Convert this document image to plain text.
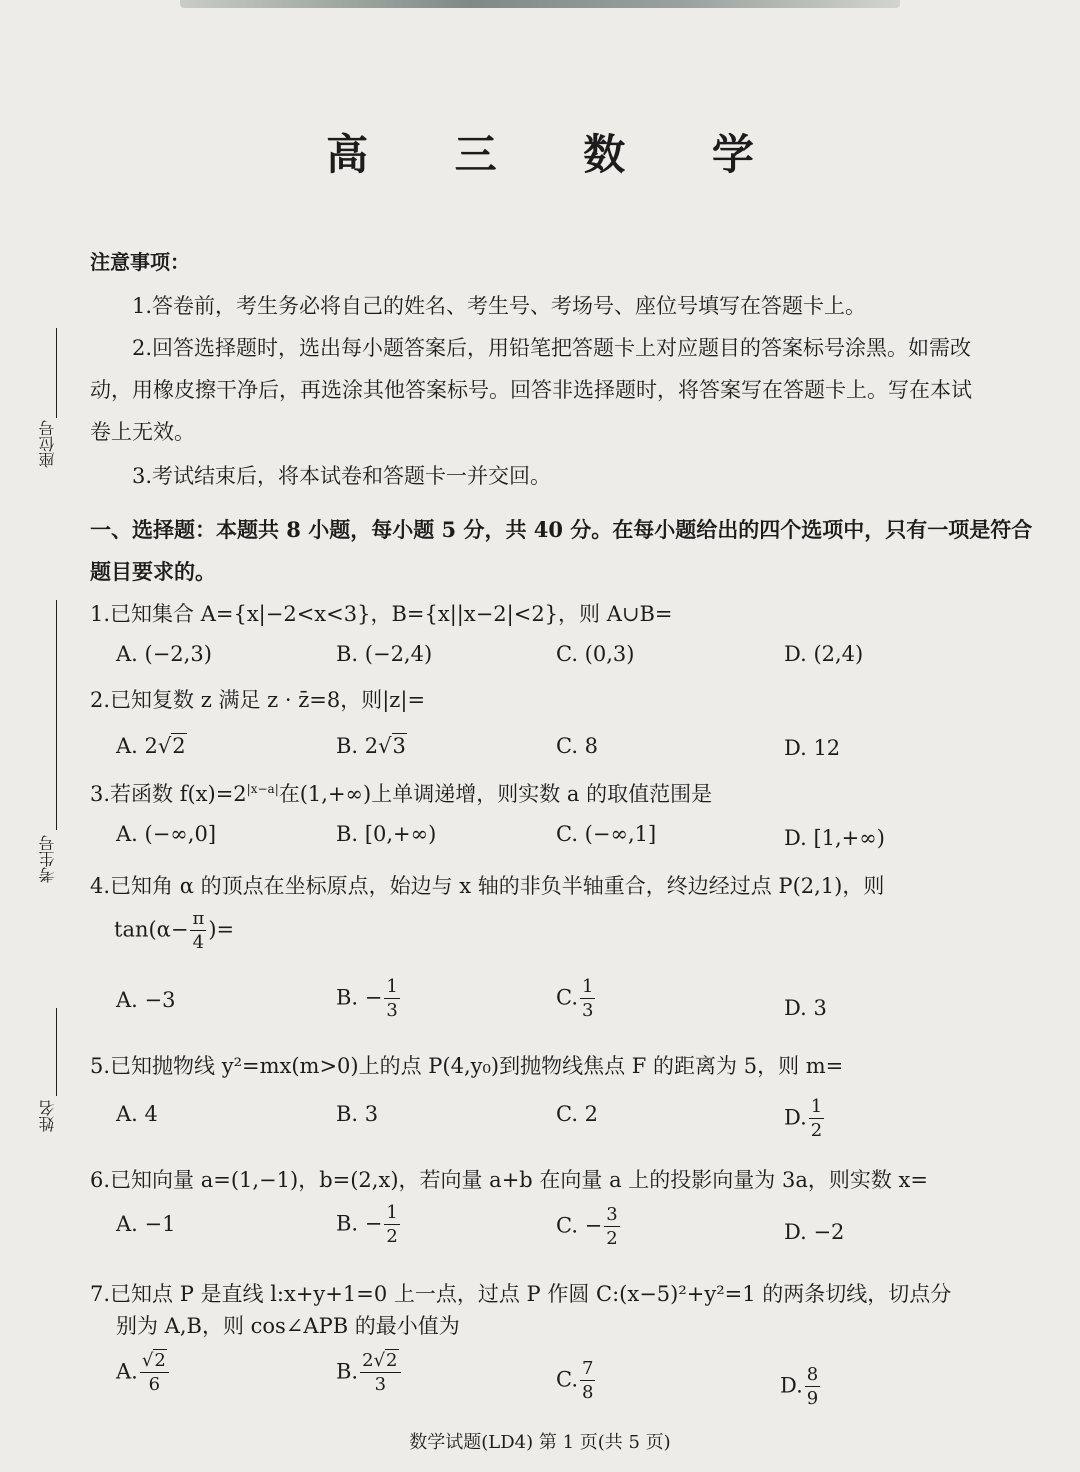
高 三 数 学
座位号
考生号
姓名
注意事项：
1.答卷前，考生务必将自己的姓名、考生号、考场号、座位号填写在答题卡上。
2.回答选择题时，选出每小题答案后，用铅笔把答题卡上对应题目的答案标号涂黑。如需改
动，用橡皮擦干净后，再选涂其他答案标号。回答非选择题时，将答案写在答题卡上。写在本试
卷上无效。
3.考试结束后，将本试卷和答题卡一并交回。
一、选择题：本题共 8 小题，每小题 5 分，共 40 分。在每小题给出的四个选项中，只有一项是符合
题目要求的。
1.已知集合 A={x|−2<x<3}，B={x||x−2|<2}，则 A∪B=
A. (−2,3)	B. (−2,4)	C. (0,3)	D. (2,4)
2.已知复数 z 满足 z · z̄=8，则|z|=
A. 2√2	B. 2√3	C. 8	D. 12
3.若函数 $f(x)=2^{|x-a|}$在(1,+∞)上单调递增，则实数 a 的取值范围是
A. (−∞,0]	B. [0,+∞)	C. (−∞,1]	D. [1,+∞)
4.已知角 α 的顶点在坐标原点，始边与 x 轴的非负半轴重合，终边经过点 P(2,1)，则
$\tan(\alpha- \frac{\pi}{4}$ )=
A. −3	B. − $\frac{1}{3}$	C. $\frac{1}{3}$	D. 3
5.已知抛物线 y²=mx(m>0)上的点 P(4,y₀)到抛物线焦点 F 的距离为 5，则 m=
A. 4	B. 3	C. 2	D. $\frac{1}{2}$
6.已知向量 a=(1,−1)，b=(2,x)，若向量 a+b 在向量 a 上的投影向量为 3a，则实数 x=
A. −1	B. − $\frac{1}{2}$	C. − $\frac{3}{2}$	D. −2
7.已知点 P 是直线 l:x+y+1=0 上一点，过点 P 作圆 C:(x−5)²+y²=1 的两条切线，切点分
别为 A,B，则 cos∠APB 的最小值为
A. $\frac{√2}{6}$	B. $\frac{2√2}{3}$	C. $\frac{7}{8}$	D. $\frac{8}{9}$
数学试题(LD4) 第 1 页(共 5 页)
